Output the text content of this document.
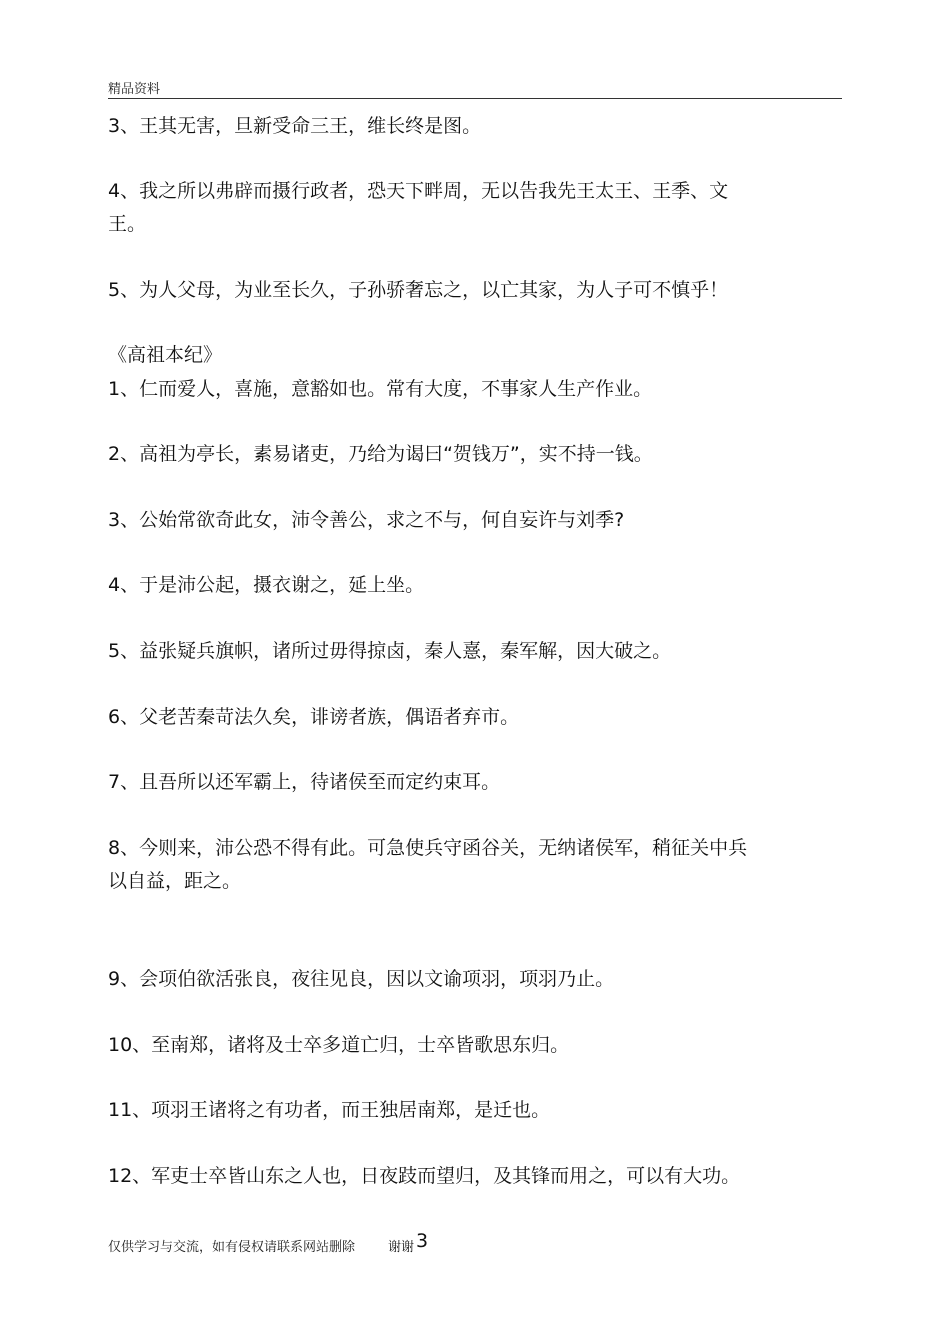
精品资料
3、王其无害，旦新受命三王，维长终是图。
4、我之所以弗辟而摄行政者，恐天下畔周，无以告我先王太王、王季、文
王。
5、为人父母，为业至长久，子孙骄奢忘之，以亡其家，为人子可不慎乎！
《高祖本纪》
1、仁而爱人，喜施，意豁如也。常有大度，不事家人生产作业。
2、高祖为亭长，素易诸吏，乃给为谒曰“贺钱万”，实不持一钱。
3、公始常欲奇此女，沛令善公，求之不与，何自妄许与刘季?
4、于是沛公起，摄衣谢之，延上坐。
5、益张疑兵旗帜，诸所过毋得掠卤，秦人憙，秦军解，因大破之。
6、父老苦秦苛法久矣，诽谤者族，偶语者弃市。
7、且吾所以还军霸上，待诸侯至而定约束耳。
8、今则来，沛公恐不得有此。可急使兵守函谷关，无纳诸侯军，稍征关中兵
以自益，距之。
9、会项伯欲活张良，夜往见良，因以文谕项羽，项羽乃止。
10、至南郑，诸将及士卒多道亡归，士卒皆歌思东归。
11、项羽王诸将之有功者，而王独居南郑，是迁也。
12、军吏士卒皆山东之人也，日夜跂而望归，及其锋而用之，可以有大功。
仅供学习与交流，如有侵权请联系网站删除	谢谢 3
